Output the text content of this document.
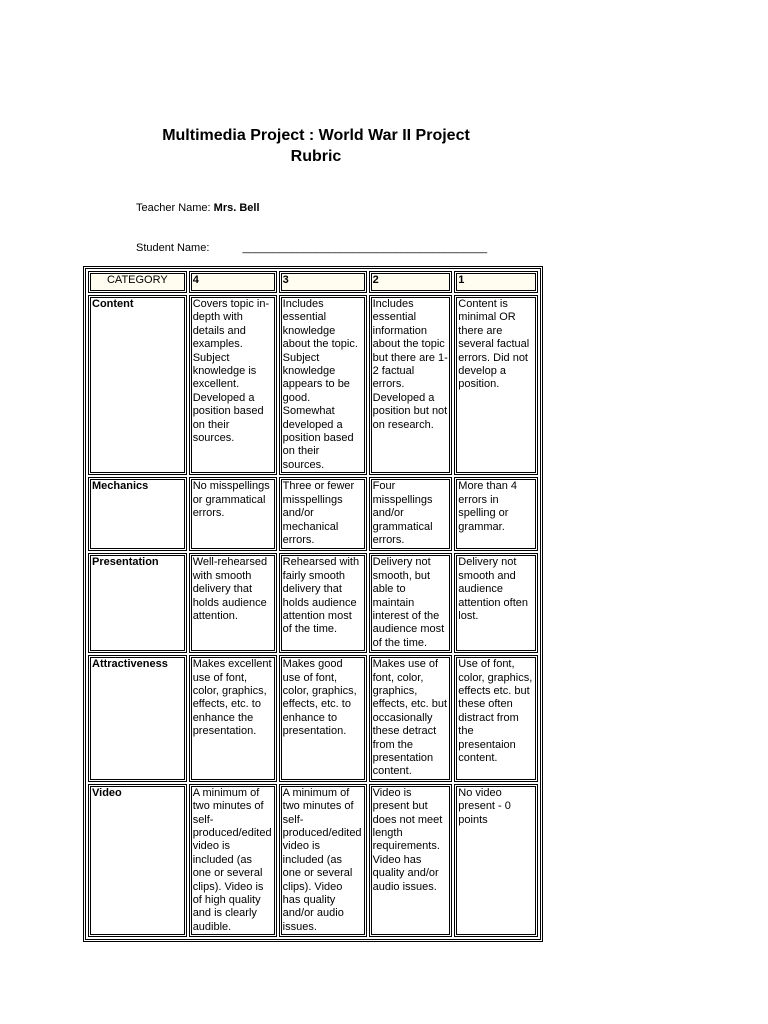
Multimedia Project : World War II Project
Rubric
Teacher Name: Mrs. Bell
Student Name:	________________________________________
CATEGORY	4	3	2	1
Content	Covers topic in-depth with details and examples. Subject knowledge is excellent. Developed a position based on their sources.	Includes essential knowledge about the topic. Subject knowledge appears to be good. Somewhat developed a position based on their sources.	Includes essential information about the topic but there are 1-2 factual errors. Developed a position but not on research.	Content is minimal OR there are several factual errors. Did not develop a position.
Mechanics	No misspellings or grammatical errors.	Three or fewer misspellings and/or mechanical errors.	Four misspellings and/or grammatical errors.	More than 4 errors in spelling or grammar.
Presentation	Well-rehearsed with smooth delivery that holds audience attention.	Rehearsed with fairly smooth delivery that holds audience attention most of the time.	Delivery not smooth, but able to maintain interest of the audience most of the time.	Delivery not smooth and audience attention often lost.
Attractiveness	Makes excellent use of font, color, graphics, effects, etc. to enhance the presentation.	Makes good use of font, color, graphics, effects, etc. to enhance to presentation.	Makes use of font, color, graphics, effects, etc. but occasionally these detract from the presentation content.	Use of font, color, graphics, effects etc. but these often distract from the presentaion content.
Video	A minimum of two minutes of self-produced/edited video is included (as one or several clips). Video is of high quality and is clearly audible.	A minimum of two minutes of self-produced/edited video is included (as one or several clips). Video has quality and/or audio issues.	Video is present but does not meet length requirements. Video has quality and/or audio issues.	No video present - 0 points
